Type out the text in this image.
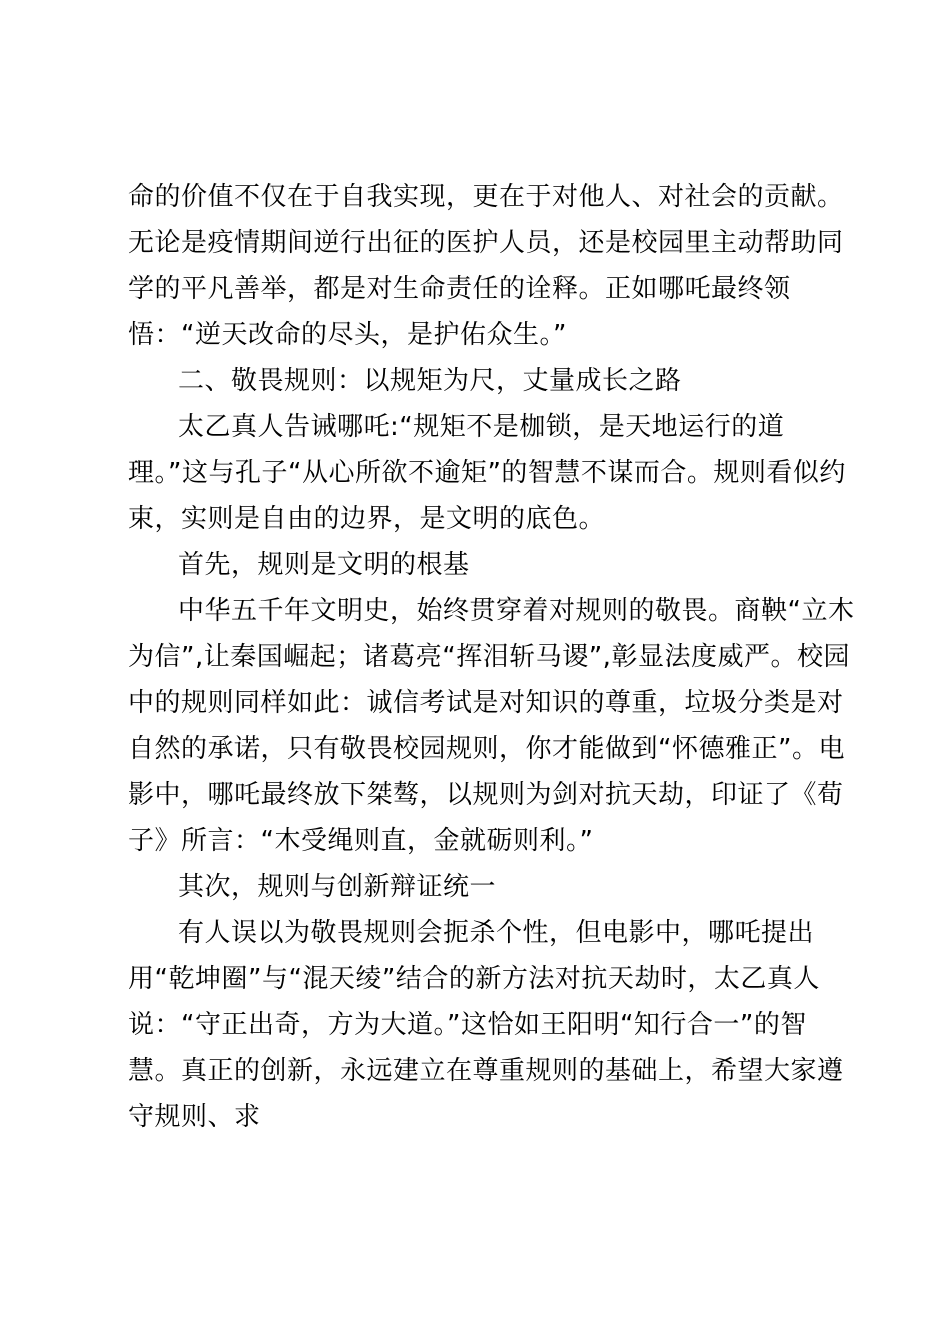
命的价值不仅在于自我实现，更在于对他人、对社会的贡献。
无论是疫情期间逆行出征的医护人员，还是校园里主动帮助同
学的平凡善举，都是对生命责任的诠释。正如哪吒最终领
悟：“逆天改命的尽头，是护佑众生。”
二、敬畏规则：以规矩为尺，丈量成长之路
太乙真人告诫哪吒:“规矩不是枷锁，是天地运行的道
理。”这与孔子“从心所欲不逾矩”的智慧不谋而合。规则看似约
束，实则是自由的边界，是文明的底色。
首先，规则是文明的根基
中华五千年文明史，始终贯穿着对规则的敬畏。商鞅“立木
为信”,让秦国崛起；诸葛亮“挥泪斩马谡”,彰显法度威严。校园
中的规则同样如此：诚信考试是对知识的尊重，垃圾分类是对
自然的承诺，只有敬畏校园规则，你才能做到“怀德雅正”。电
影中，哪吒最终放下桀骜，以规则为剑对抗天劫，印证了《荀
子》所言：“木受绳则直，金就砺则利。”
其次，规则与创新辩证统一
有人误以为敬畏规则会扼杀个性，但电影中，哪吒提出
用“乾坤圈”与“混天绫”结合的新方法对抗天劫时，太乙真人
说：“守正出奇，方为大道。”这恰如王阳明“知行合一”的智
慧。真正的创新，永远建立在尊重规则的基础上，希望大家遵
守规则、求
